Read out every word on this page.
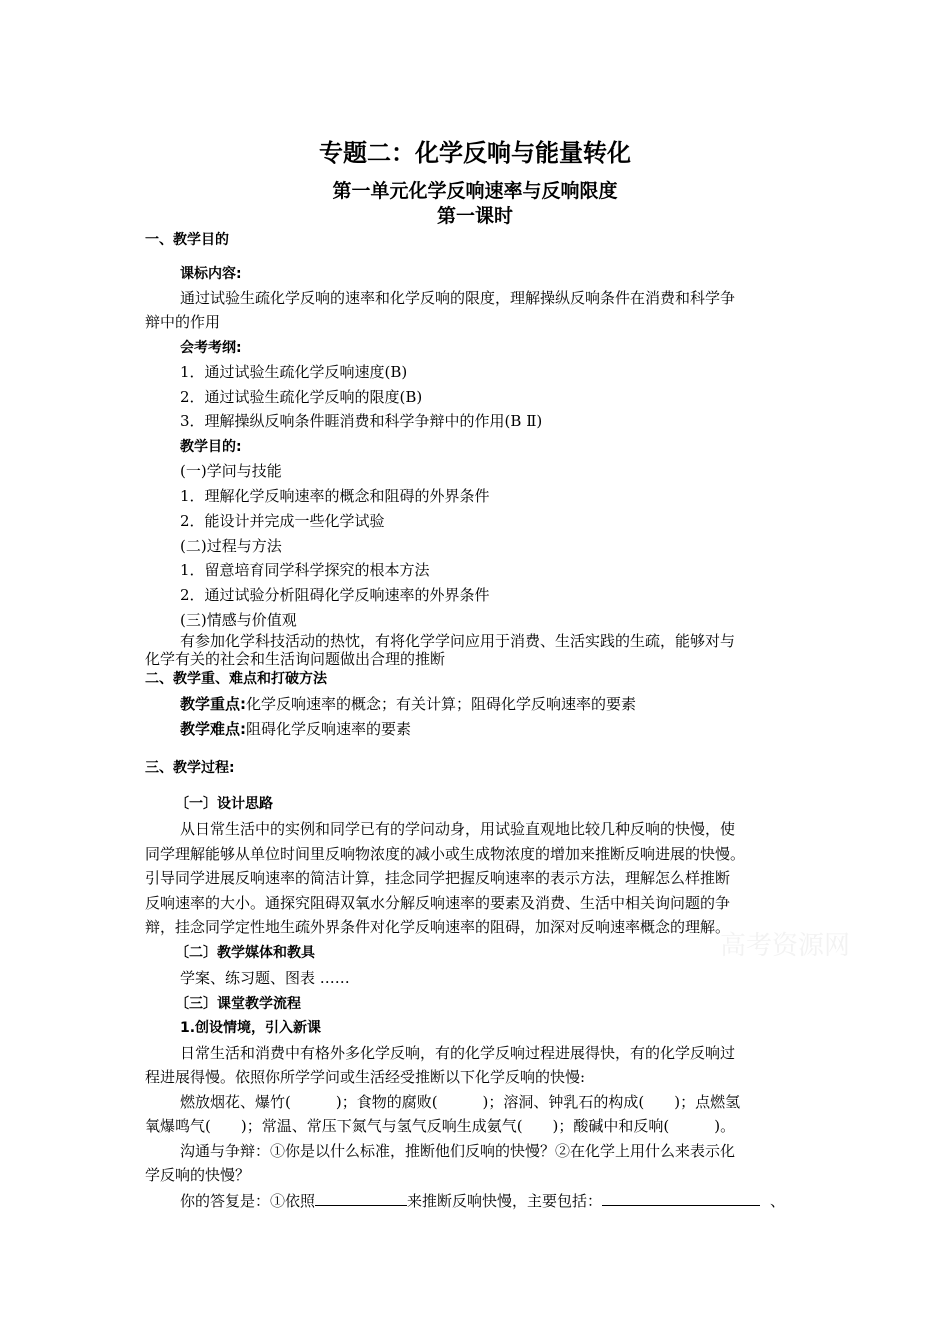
专题二：化学反响与能量转化
第一单元化学反响速率与反响限度
第一课时
一、教学目的
课标内容:
通过试验生疏化学反响的速率和化学反响的限度，理解操纵反响条件在消费和科学争
辩中的作用
会考考纲:
1．通过试验生疏化学反响速度(B)
2．通过试验生疏化学反响的限度(B)
3．理解操纵反响条件睚消费和科学争辩中的作用(B Ⅱ)
教学目的:
(一)学问与技能
1．理解化学反响速率的概念和阻碍的外界条件
2．能设计并完成一些化学试验
(二)过程与方法
1．留意培育同学科学探究的根本方法
2．通过试验分析阻碍化学反响速率的外界条件
(三)情感与价值观
有参加化学科技活动的热忱，有将化学学问应用于消费、生活实践的生疏，能够对与
化学有关的社会和生活询问题做出合理的推断
二、教学重、难点和打破方法
教学重点:化学反响速率的概念；有关计算；阻碍化学反响速率的要素
教学难点:阻碍化学反响速率的要素
三、教学过程:
〔一〕设计思路
从日常生活中的实例和同学已有的学问动身，用试验直观地比较几种反响的快慢，使
同学理解能够从单位时间里反响物浓度的减小或生成物浓度的增加来推断反响进展的快慢。
引导同学进展反响速率的简洁计算，挂念同学把握反响速率的表示方法，理解怎么样推断
反响速率的大小。通探究阻碍双氧水分解反响速率的要素及消费、生活中相关询问题的争
辩，挂念同学定性地生疏外界条件对化学反响速率的阻碍，加深对反响速率概念的理解。
〔二〕教学媒体和教具
学案、练习题、图表 ……
〔三〕课堂教学流程
1.创设情境，引入新课
日常生活和消费中有格外多化学反响，有的化学反响过程进展得快，有的化学反响过
程进展得慢。依照你所学学问或生活经受推断以下化学反响的快慢:
燃放烟花、爆竹(　　　)；食物的腐败(　　　)；溶洞、钟乳石的构成(　　)；点燃氢
氧爆鸣气(　　)；常温、常压下氮气与氢气反响生成氨气(　　)；酸碱中和反响(　　　)。
沟通与争辩：①你是以什么标准，推断他们反响的快慢？②在化学上用什么来表示化
学反响的快慢？
你的答复是：①依照	来推断反响快慢，主要包括：	、
高考资源网
